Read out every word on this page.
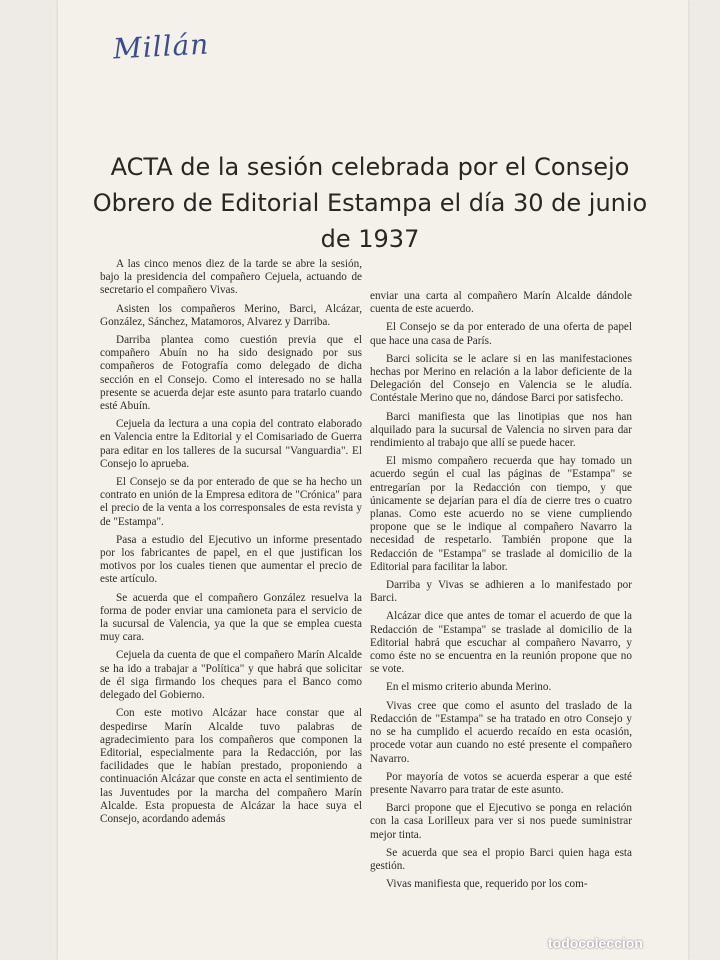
Millán
ACTA de la sesión celebrada por el Consejo Obrero de Editorial Estampa el día 30 de junio de 1937

A las cinco menos diez de la tarde se abre la sesión, bajo la presidencia del compañero Cejuela, actuando de secretario el compañero Vivas.

Asisten los compañeros Merino, Barci, Alcázar, González, Sánchez, Matamoros, Alvarez y Darriba.

Darriba plantea como cuestión previa que el compañero Abuín no ha sido designado por sus compañeros de Fotografía como delegado de dicha sección en el Consejo. Como el interesado no se halla presente se acuerda dejar este asunto para tratarlo cuando esté Abuín.

Cejuela da lectura a una copia del contrato elaborado en Valencia entre la Editorial y el Comisariado de Guerra para editar en los talleres de la sucursal "Vanguardia". El Consejo lo aprueba.

El Consejo se da por enterado de que se ha hecho un contrato en unión de la Empresa editora de "Crónica" para el precio de la venta a los corresponsales de esta revista y de "Estampa".

Pasa a estudio del Ejecutivo un informe presentado por los fabricantes de papel, en el que justifican los motivos por los cuales tienen que aumentar el precio de este artículo.

Se acuerda que el compañero González resuelva la forma de poder enviar una camioneta para el servicio de la sucursal de Valencia, ya que la que se emplea cuesta muy cara.

Cejuela da cuenta de que el compañero Marín Alcalde se ha ido a trabajar a "Política" y que habrá que solicitar de él siga firmando los cheques para el Banco como delegado del Gobierno.

Con este motivo Alcázar hace constar que al despedirse Marín Alcalde tuvo palabras de agradecimiento para los compañeros que componen la Editorial, especialmente para la Redacción, por las facilidades que le habían prestado, proponiendo a continuación Alcázar que conste en acta el sentimiento de las Juventudes por la marcha del compañero Marín Alcalde. Esta propuesta de Alcázar la hace suya el Consejo, acordando además

enviar una carta al compañero Marín Alcalde dándole cuenta de este acuerdo.

El Consejo se da por enterado de una oferta de papel que hace una casa de París.

Barci solicita se le aclare si en las manifestaciones hechas por Merino en relación a la labor deficiente de la Delegación del Consejo en Valencia se le aludía. Contéstale Merino que no, dándose Barci por satisfecho.

Barci manifiesta que las linotipias que nos han alquilado para la sucursal de Valencia no sirven para dar rendimiento al trabajo que allí se puede hacer.

El mismo compañero recuerda que hay tomado un acuerdo según el cual las páginas de "Estampa" se entregarían por la Redacción con tiempo, y que únicamente se dejarían para el día de cierre tres o cuatro planas. Como este acuerdo no se viene cumpliendo propone que se le indique al compañero Navarro la necesidad de respetarlo. También propone que la Redacción de "Estampa" se traslade al domicilio de la Editorial para facilitar la labor.

Darriba y Vivas se adhieren a lo manifestado por Barci.

Alcázar dice que antes de tomar el acuerdo de que la Redacción de "Estampa" se traslade al domicilio de la Editorial habrá que escuchar al compañero Navarro, y como éste no se encuentra en la reunión propone que no se vote.

En el mismo criterio abunda Merino.

Vivas cree que como el asunto del traslado de la Redacción de "Estampa" se ha tratado en otro Consejo y no se ha cumplido el acuerdo recaído en esta ocasión, procede votar aun cuando no esté presente el compañero Navarro.

Por mayoría de votos se acuerda esperar a que esté presente Navarro para tratar de este asunto.

Barci propone que el Ejecutivo se ponga en relación con la casa Lorilleux para ver si nos puede suministrar mejor tinta.

Se acuerda que sea el propio Barci quien haga esta gestión.

Vivas manifiesta que, requerido por los com-

todocoleccion
